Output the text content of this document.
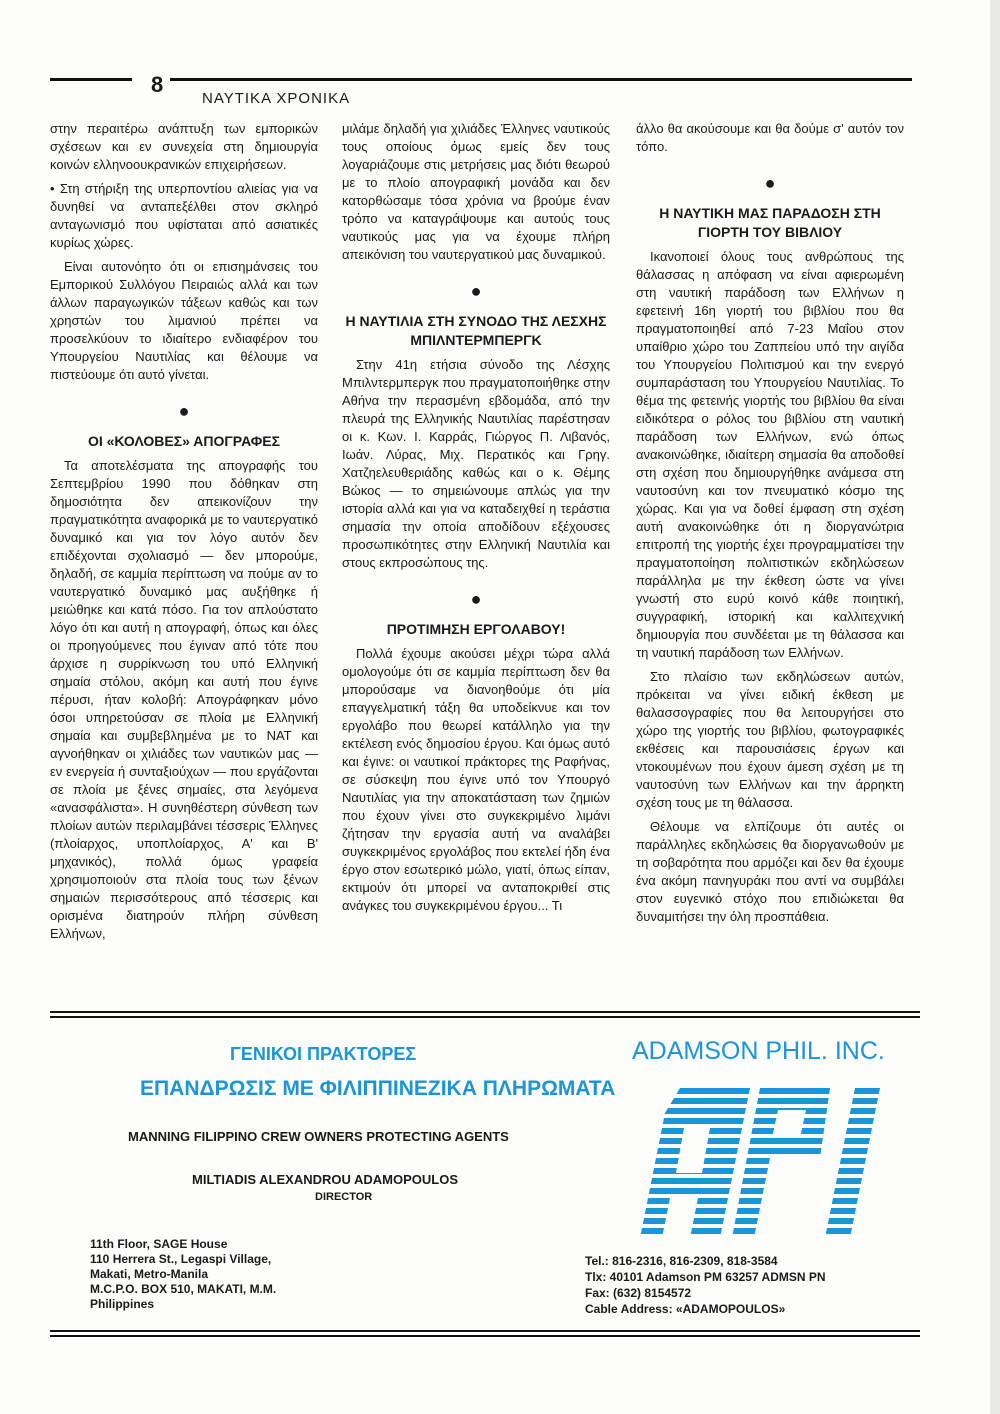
8
ΝΑΥΤΙΚΑ ΧΡΟΝΙΚΑ

στην περαιτέρω ανάπτυξη των εμπορικών σχέσεων και εν συνεχεία στη δημιουργία κοινών ελληνοουκρανικών επιχειρήσεων.

• Στη στήριξη της υπερποντίου αλιείας για να δυνηθεί να ανταπεξέλθει στον σκληρό ανταγωνισμό που υφίσταται από ασιατικές κυρίως χώρες.

Είναι αυτονόητο ότι οι επισημάνσεις του Εμπορικού Συλλόγου Πειραιώς αλλά και των άλλων παραγωγικών τάξεων καθώς και των χρηστών του λιμανιού πρέπει να προσελκύουν το ιδιαίτερο ενδιαφέρον του Υπουργείου Ναυτιλίας και θέλουμε να πιστεύουμε ότι αυτό γίνεται.

●
ΟΙ «ΚΟΛΟΒΕΣ» ΑΠΟΓΡΑΦΕΣ

Τα αποτελέσματα της απογραφής του Σεπτεμβρίου 1990 που δόθηκαν στη δημοσιότητα δεν απεικονίζουν την πραγματικότητα αναφορικά με το ναυτεργατικό δυναμικό και για τον λόγο αυτόν δεν επιδέχονται σχολιασμό — δεν μπορούμε, δηλαδή, σε καμμία περίπτωση να πούμε αν το ναυτεργατικό δυναμικό μας αυξήθηκε ή μειώθηκε και κατά πόσο. Για τον απλούστατο λόγο ότι και αυτή η απογραφή, όπως και όλες οι προηγούμενες που έγιναν από τότε που άρχισε η συρρίκνωση του υπό Ελληνική σημαία στόλου, ακόμη και αυτή που έγινε πέρυσι, ήταν κολοβή: Απογράφηκαν μόνο όσοι υπηρετούσαν σε πλοία με Ελληνική σημαία και συμβεβλημένα με το ΝΑΤ και αγνοήθηκαν οι χιλιάδες των ναυτικών μας — εν ενεργεία ή συνταξιούχων — που εργάζονται σε πλοία με ξένες σημαίες, στα λεγόμενα «ανασφάλιστα». Η συνηθέστερη σύνθεση των πλοίων αυτών περιλαμβάνει τέσσερις Έλληνες (πλοίαρχος, υποπλοίαρχος, Α' και Β' μηχανικός), πολλά όμως γραφεία χρησιμοποιούν στα πλοία τους των ξένων σημαιών περισσότερους από τέσσερις και ορισμένα διατηρούν πλήρη σύνθεση Ελλήνων,

μιλάμε δηλαδή για χιλιάδες Έλληνες ναυτικούς τους οποίους όμως εμείς δεν τους λογαριάζουμε στις μετρήσεις μας διότι θεωρού με το πλοίο απογραφική μονάδα και δεν κατορθώσαμε τόσα χρόνια να βρούμε έναν τρόπο να καταγράψουμε και αυτούς τους ναυτικούς μας για να έχουμε πλήρη απεικόνιση του ναυτεργατικού μας δυναμικού.

●
Η ΝΑΥΤΙΛΙΑ ΣΤΗ ΣΥΝΟΔΟ ΤΗΣ ΛΕΣΧΗΣ ΜΠΙΛΝΤΕΡΜΠΕΡΓΚ

Στην 41η ετήσια σύνοδο της Λέσχης Μπιλντερμπεργκ που πραγματοποιήθηκε στην Αθήνα την περασμένη εβδομάδα, από την πλευρά της Ελληνικής Ναυτιλίας παρέστησαν οι κ. Κων. Ι. Καρράς, Γιώργος Π. Λιβανός, Ιωάν. Λύρας, Μιχ. Περατικός και Γρηγ. Χατζηελευθεριάδης καθώς και ο κ. Θέμης Βώκος — το σημειώνουμε απλώς για την ιστορία αλλά και για να καταδειχθεί η τεράστια σημασία την οποία αποδίδουν εξέχουσες προσωπικότητες στην Ελληνική Ναυτιλία και στους εκπροσώπους της.

●
ΠΡΟΤΙΜΗΣΗ ΕΡΓΟΛΑΒΟΥ!

Πολλά έχουμε ακούσει μέχρι τώρα αλλά ομολογούμε ότι σε καμμία περίπτωση δεν θα μπορούσαμε να διανοηθούμε ότι μία επαγγελματική τάξη θα υποδείκνυε και τον εργολάβο που θεωρεί κατάλληλο για την εκτέλεση ενός δημοσίου έργου. Και όμως αυτό και έγινε: οι ναυτικοί πράκτορες της Ραφήνας, σε σύσκεψη που έγινε υπό τον Υπουργό Ναυτιλίας για την αποκατάσταση των ζημιών που έχουν γίνει στο συγκεκριμένο λιμάνι ζήτησαν την εργασία αυτή να αναλάβει συγκεκριμένος εργολάβος που εκτελεί ήδη ένα έργο στον εσωτερικό μώλο, γιατί, όπως είπαν, εκτιμούν ότι μπορεί να ανταποκριθεί στις ανάγκες του συγκεκριμένου έργου... Τι

άλλο θα ακούσουμε και θα δούμε σ' αυτόν τον τόπο.

●
Η ΝΑΥΤΙΚΗ ΜΑΣ ΠΑΡΑΔΟΣΗ ΣΤΗ ΓΙΟΡΤΗ ΤΟΥ ΒΙΒΛΙΟΥ

Ικανοποιεί όλους τους ανθρώπους της θάλασσας η απόφαση να είναι αφιερωμένη στη ναυτική παράδοση των Ελλήνων η εφετεινή 16η γιορτή του βιβλίου που θα πραγματοποιηθεί από 7-23 Μαΐου στον υπαίθριο χώρο του Ζαππείου υπό την αιγίδα του Υπουργείου Πολιτισμού και την ενεργό συμπαράσταση του Υπουργείου Ναυτιλίας. Το θέμα της φετεινής γιορτής του βιβλίου θα είναι ειδικότερα ο ρόλος του βιβλίου στη ναυτική παράδοση των Ελλήνων, ενώ όπως ανακοινώθηκε, ιδιαίτερη σημασία θα αποδοθεί στη σχέση που δημιουργήθηκε ανάμεσα στη ναυτοσύνη και τον πνευματικό κόσμο της χώρας. Και για να δοθεί έμφαση στη σχέση αυτή ανακοινώθηκε ότι η διοργανώτρια επιτροπή της γιορτής έχει προγραμματίσει την πραγματοποίηση πολιτιστικών εκδηλώσεων παράλληλα με την έκθεση ώστε να γίνει γνωστή στο ευρύ κοινό κάθε ποιητική, συγγραφική, ιστορική και καλλιτεχνική δημιουργία που συνδέεται με τη θάλασσα και τη ναυτική παράδοση των Ελλήνων.

Στο πλαίσιο των εκδηλώσεων αυτών, πρόκειται να γίνει ειδική έκθεση με θαλασσογραφίες που θα λειτουργήσει στο χώρο της γιορτής του βιβλίου, φωτογραφικές εκθέσεις και παρουσιάσεις έργων και ντοκουμένων που έχουν άμεση σχέση με τη ναυτοσύνη των Ελλήνων και την άρρηκτη σχέση τους με τη θάλασσα.

Θέλουμε να ελπίζουμε ότι αυτές οι παράλληλες εκδηλώσεις θα διοργανωθούν με τη σοβαρότητα που αρμόζει και δεν θα έχουμε ένα ακόμη πανηγυράκι που αντί να συμβάλει στον ευγενικό στόχο που επιδιώκεται θα δυναμιτήσει την όλη προσπάθεια.

ΓΕΝΙΚΟΙ ΠΡΑΚΤΟΡΕΣ
ΕΠΑΝΔΡΩΣΙΣ ΜΕ ΦΙΛΙΠΠΙΝΕΖΙΚΑ ΠΛΗΡΩΜΑΤΑ
MANNING FILIPPINO CREW OWNERS PROTECTING AGENTS
MILTIADIS ALEXANDROU ADAMOPOULOS
DIRECTOR
ADAMSON PHIL. INC.
11th Floor, SAGE House
110 Herrera St., Legaspi Village,
Makati, Metro-Manila
M.C.P.O. BOX 510, MAKATI, M.M.
Philippines
Tel.: 816-2316, 816-2309, 818-3584
Tlx: 40101 Adamson PM 63257 ADMSN PN
Fax: (632) 8154572
Cable Address: «ADAMOPOULOS»
